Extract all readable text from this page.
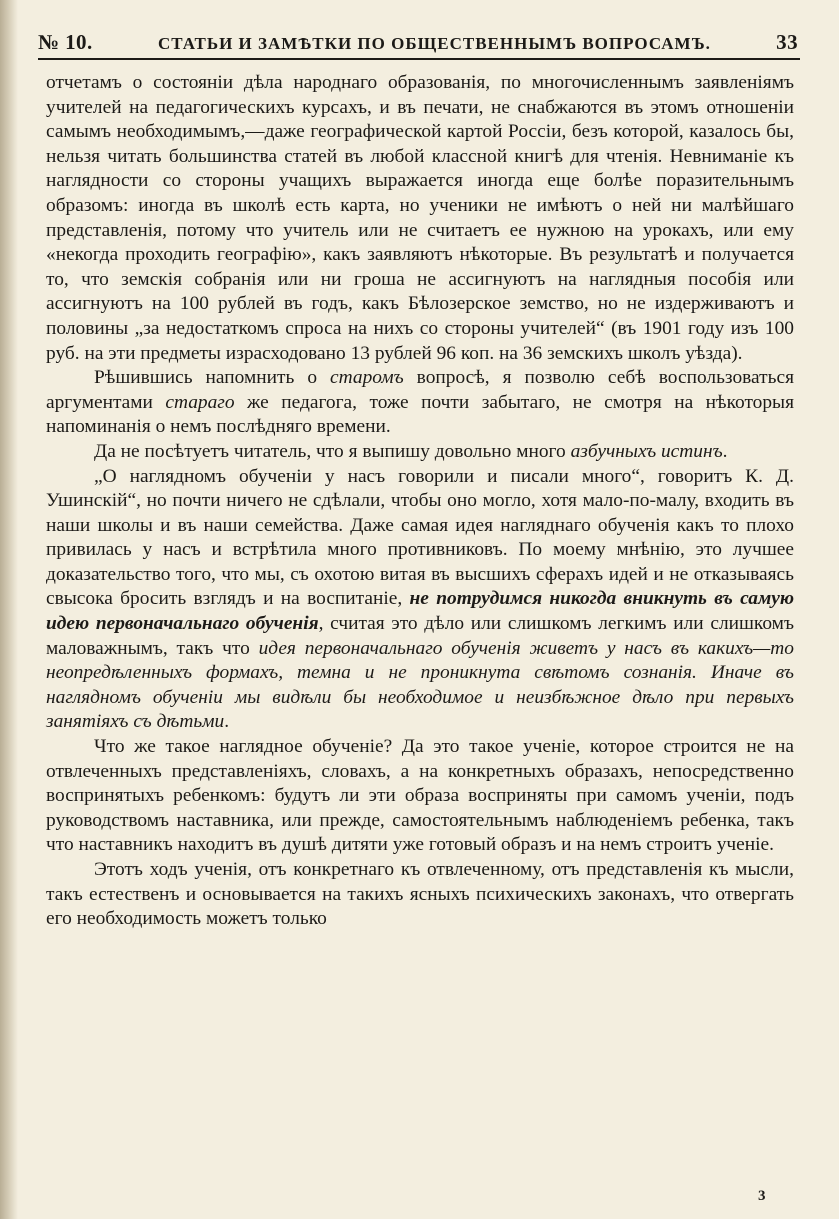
№ 10.	СТАТЬИ И ЗАМѢТКИ ПО ОБЩЕСТВЕННЫМЪ ВОПРОСАМЪ.	33

отчетамъ о состояніи дѣла народнаго образованія, по многочисленнымъ заявленіямъ учителей на педагогическихъ курсахъ, и въ печати, не снабжаются въ этомъ отношеніи самымъ необходимымъ,—даже географической картой Россіи, безъ которой, казалось бы, нельзя читать большинства статей въ любой классной книгѣ для чтенія. Невниманіе къ наглядности со стороны учащихъ выражается иногда еще болѣе поразительнымъ образомъ: иногда въ школѣ есть карта, но ученики не имѣютъ о ней ни малѣйшаго представленія, потому что учитель или не считаетъ ее нужною на урокахъ, или ему «некогда проходить географію», какъ заявляютъ нѣкоторые. Въ результатѣ и получается то, что земскія собранія или ни гроша не ассигнуютъ на наглядныя пособія или ассигнуютъ на 100 рублей въ годъ, какъ Бѣлозерское земство, но не издерживаютъ и половины „за недостаткомъ спроса на нихъ со стороны учителей“ (въ 1901 году изъ 100 руб. на эти предметы израсходовано 13 рублей 96 коп. на 36 земскихъ школъ уѣзда).

Рѣшившись напомнить о старомъ вопросѣ, я позволю себѣ воспользоваться аргументами стараго же педагога, тоже почти забытаго, не смотря на нѣкоторыя напоминанія о немъ послѣдняго времени.

Да не посѣтуетъ читатель, что я выпишу довольно много азбучныхъ истинъ.

„О наглядномъ обученіи у насъ говорили и писали много“, говоритъ К. Д. Ушинскій“, но почти ничего не сдѣлали, чтобы оно могло, хотя мало-по-малу, входить въ наши школы и въ наши семейства. Даже самая идея нагляднаго обученія какъ то плохо привилась у насъ и встрѣтила много противниковъ. По моему мнѣнію, это лучшее доказательство того, что мы, съ охотою витая въ высшихъ сферахъ идей и не отказываясь свысока бросить взглядъ и на воспитаніе, не потрудимся никогда вникнуть въ самую идею первоначальнаго обученія, считая это дѣло или слишкомъ легкимъ или слишкомъ маловажнымъ, такъ что идея первоначальнаго обученія живетъ у насъ въ какихъ—то неопредѣленныхъ формахъ, темна и не проникнута свѣтомъ сознанія. Иначе въ наглядномъ обученіи мы видѣли бы необходимое и неизбѣжное дѣло при первыхъ занятіяхъ съ дѣтьми.

Что же такое наглядное обученіе? Да это такое ученіе, которое строится не на отвлеченныхъ представленіяхъ, словахъ, а на конкретныхъ образахъ, непосредственно воспринятыхъ ребенкомъ: будутъ ли эти образа восприняты при самомъ ученіи, подъ руководствомъ наставника, или прежде, самостоятельнымъ наблюденіемъ ребенка, такъ что наставникъ находитъ въ душѣ дитяти уже готовый образъ и на немъ строитъ ученіе.

Этотъ ходъ ученія, отъ конкретнаго къ отвлеченному, отъ представленія къ мысли, такъ естественъ и основывается на такихъ ясныхъ психическихъ законахъ, что отвергать его необходимость можетъ только

3
